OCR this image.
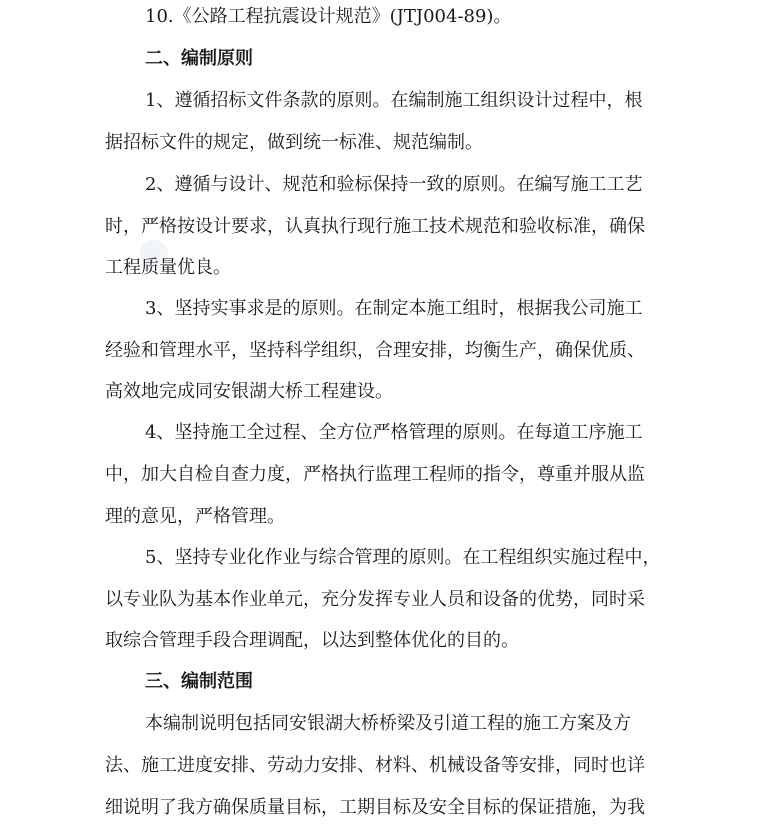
10.《公路工程抗震设计规范》(JTJ004-89)。
二、编制原则
1、遵循招标文件条款的原则。在编制施工组织设计过程中，根
据招标文件的规定，做到统一标准、规范编制。
2、遵循与设计、规范和验标保持一致的原则。在编写施工工艺
时，严格按设计要求，认真执行现行施工技术规范和验收标准，确保
工程质量优良。
3、坚持实事求是的原则。在制定本施工组时，根据我公司施工
经验和管理水平，坚持科学组织，合理安排，均衡生产，确保优质、
高效地完成同安银湖大桥工程建设。
4、坚持施工全过程、全方位严格管理的原则。在每道工序施工
中，加大自检自查力度，严格执行监理工程师的指令，尊重并服从监
理的意见，严格管理。
5、坚持专业化作业与综合管理的原则。在工程组织实施过程中，
以专业队为基本作业单元，充分发挥专业人员和设备的优势，同时采
取综合管理手段合理调配，以达到整体优化的目的。
三、编制范围
本编制说明包括同安银湖大桥桥梁及引道工程的施工方案及方
法、施工进度安排、劳动力安排、材料、机械设备等安排，同时也详
细说明了我方确保质量目标，工期目标及安全目标的保证措施，为我
